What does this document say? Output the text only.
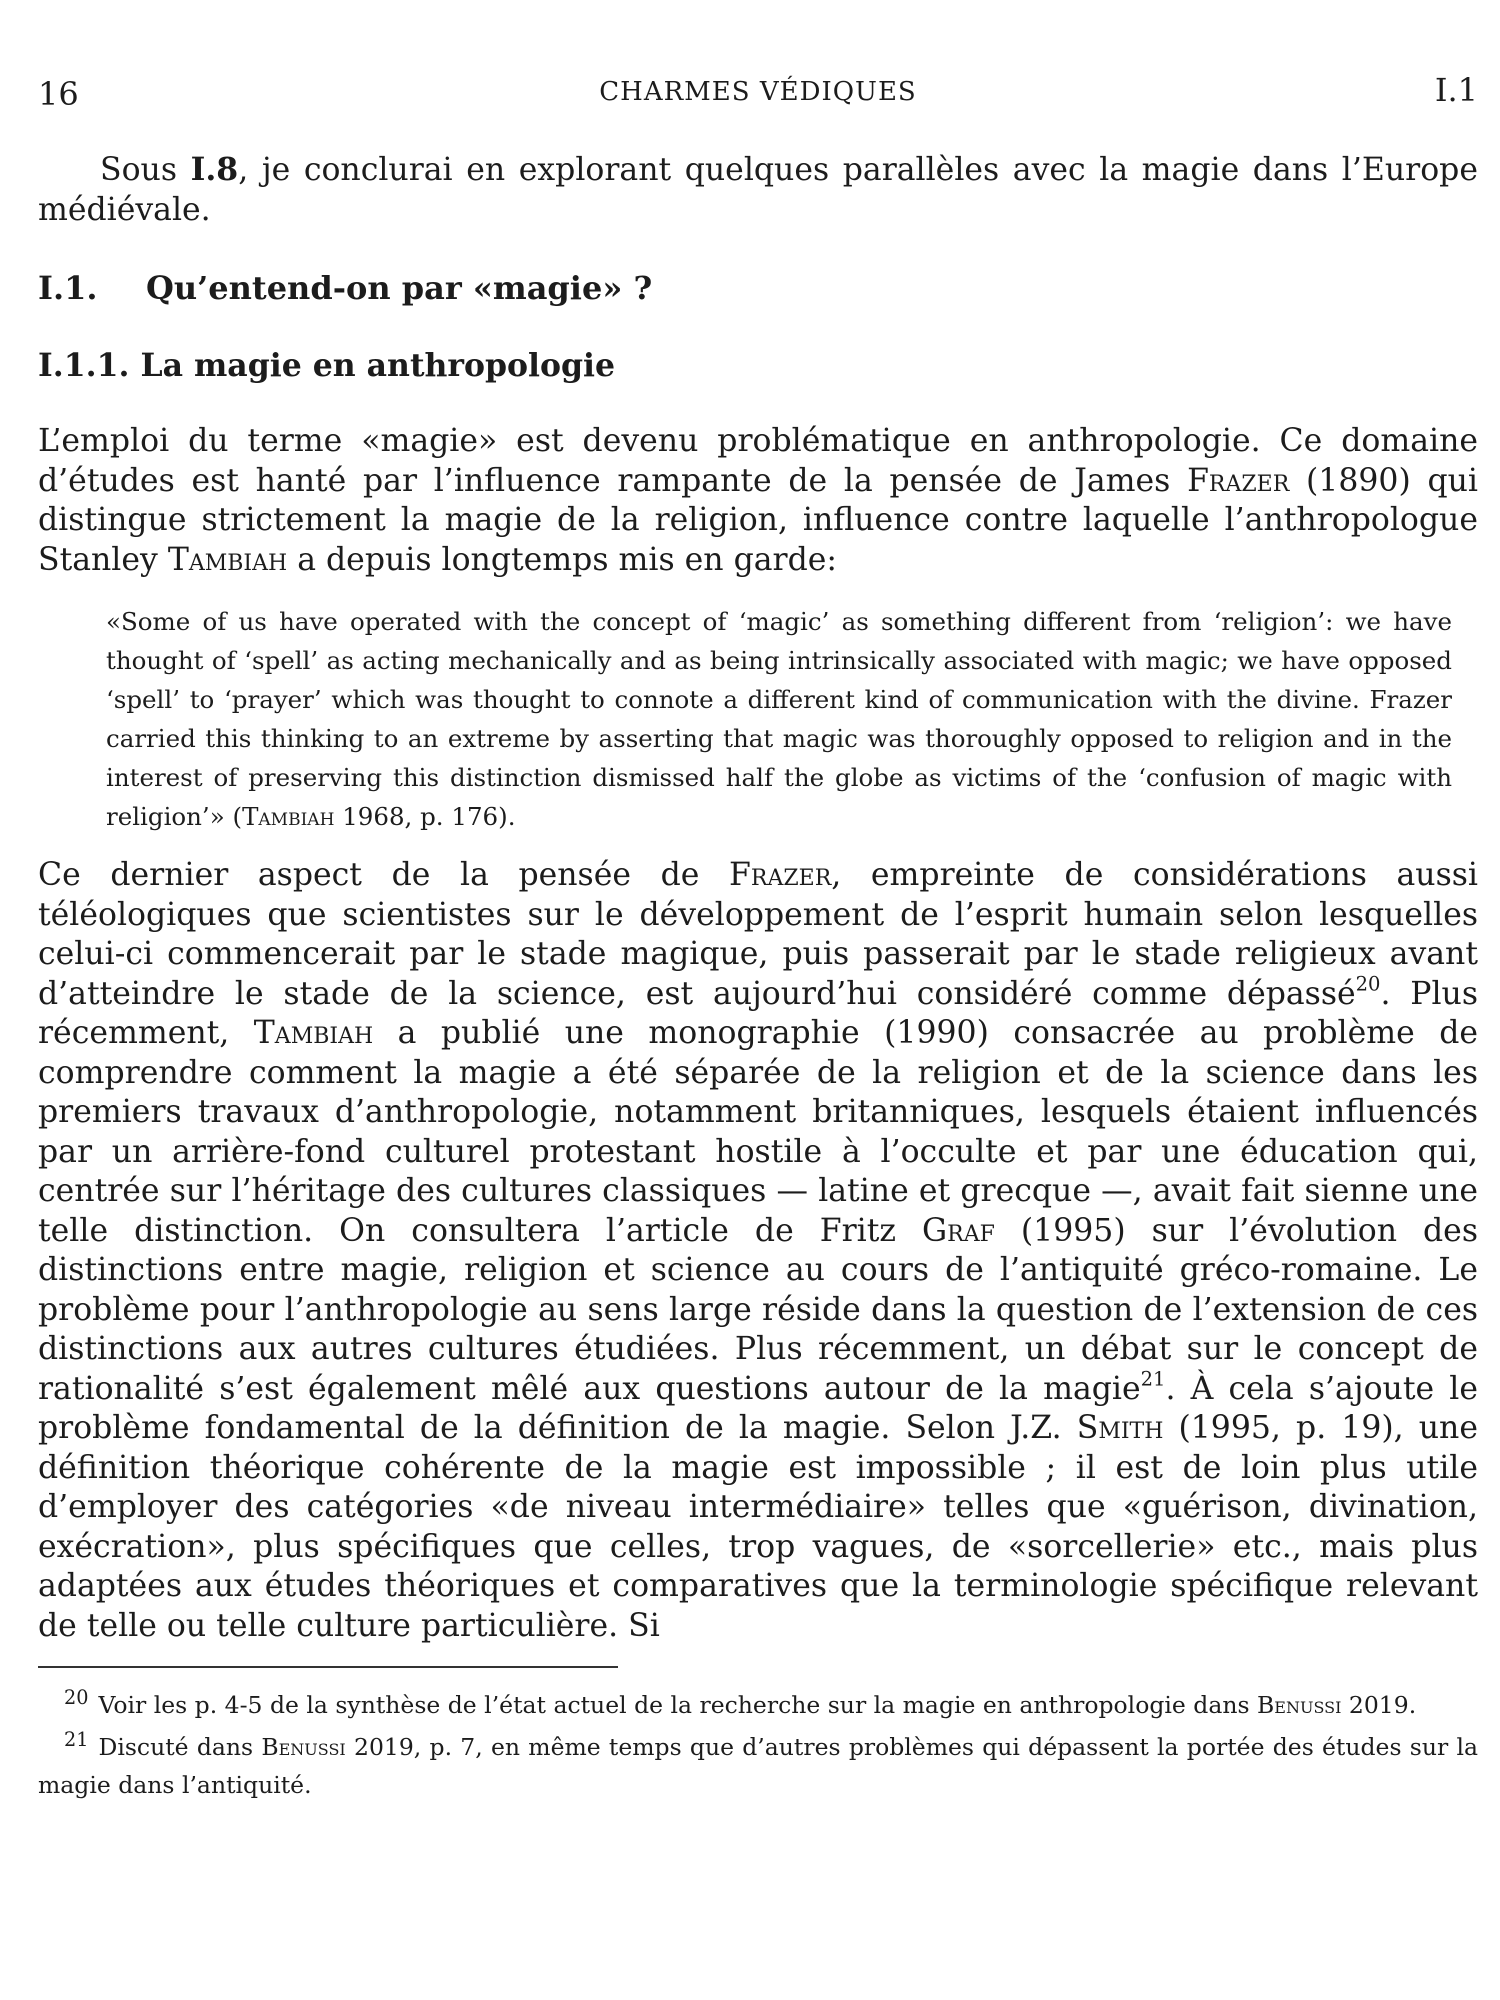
16	CHARMES VÉDIQUES	I.1

Sous I.8, je conclurai en explorant quelques parallèles avec la magie dans l’Europe médiévale.

I.1. Qu’entend-on par «magie» ?
I.1.1. La magie en anthropologie

L’emploi du terme «magie» est devenu problématique en anthropologie. Ce domaine d’études est hanté par l’influence rampante de la pensée de James Frazer (1890) qui distingue strictement la magie de la religion, influence contre laquelle l’anthropologue Stanley Tambiah a depuis longtemps mis en garde:

«Some of us have operated with the concept of ‘magic’ as something different from ‘religion’: we have thought of ‘spell’ as acting mechanically and as being intrinsically associated with magic; we have opposed ‘spell’ to ‘prayer’ which was thought to connote a different kind of communication with the divine. Frazer carried this thinking to an extreme by asserting that magic was thoroughly opposed to religion and in the interest of preserving this distinction dismissed half the globe as victims of the ‘confusion of magic with religion’» (Tambiah 1968, p. 176).

Ce dernier aspect de la pensée de Frazer, empreinte de considérations aussi téléologiques que scientistes sur le développement de l’esprit humain selon lesquelles celui-ci commencerait par le stade magique, puis passerait par le stade religieux avant d’atteindre le stade de la science, est aujourd’hui considéré comme dépassé$^{20}$. Plus récemment, Tambiah a publié une monographie (1990) consacrée au problème de comprendre comment la magie a été séparée de la religion et de la science dans les premiers travaux d’anthropologie, notamment britanniques, lesquels étaient influencés par un arrière-fond culturel protestant hostile à l’occulte et par une éducation qui, centrée sur l’héritage des cultures classiques — latine et grecque —, avait fait sienne une telle distinction. On consultera l’article de Fritz Graf (1995) sur l’évolution des distinctions entre magie, religion et science au cours de l’antiquité gréco-romaine. Le problème pour l’anthropologie au sens large réside dans la question de l’extension de ces distinctions aux autres cultures étudiées. Plus récemment, un débat sur le concept de rationalité s’est également mêlé aux questions autour de la magie$^{21}$. À cela s’ajoute le problème fondamental de la définition de la magie. Selon J.Z. Smith (1995, p. 19), une définition théorique cohérente de la magie est impossible ; il est de loin plus utile d’employer des catégories «de niveau intermédiaire» telles que «guérison, divination, exécration», plus spécifiques que celles, trop vagues, de «sorcellerie» etc., mais plus adaptées aux études théoriques et comparatives que la terminologie spécifique relevant de telle ou telle culture particulière. Si

$^{20}$ Voir les p. 4-5 de la synthèse de l’état actuel de la recherche sur la magie en anthropologie dans Benussi 2019.

$^{21}$ Discuté dans Benussi 2019, p. 7, en même temps que d’autres problèmes qui dépassent la portée des études sur la magie dans l’antiquité.
